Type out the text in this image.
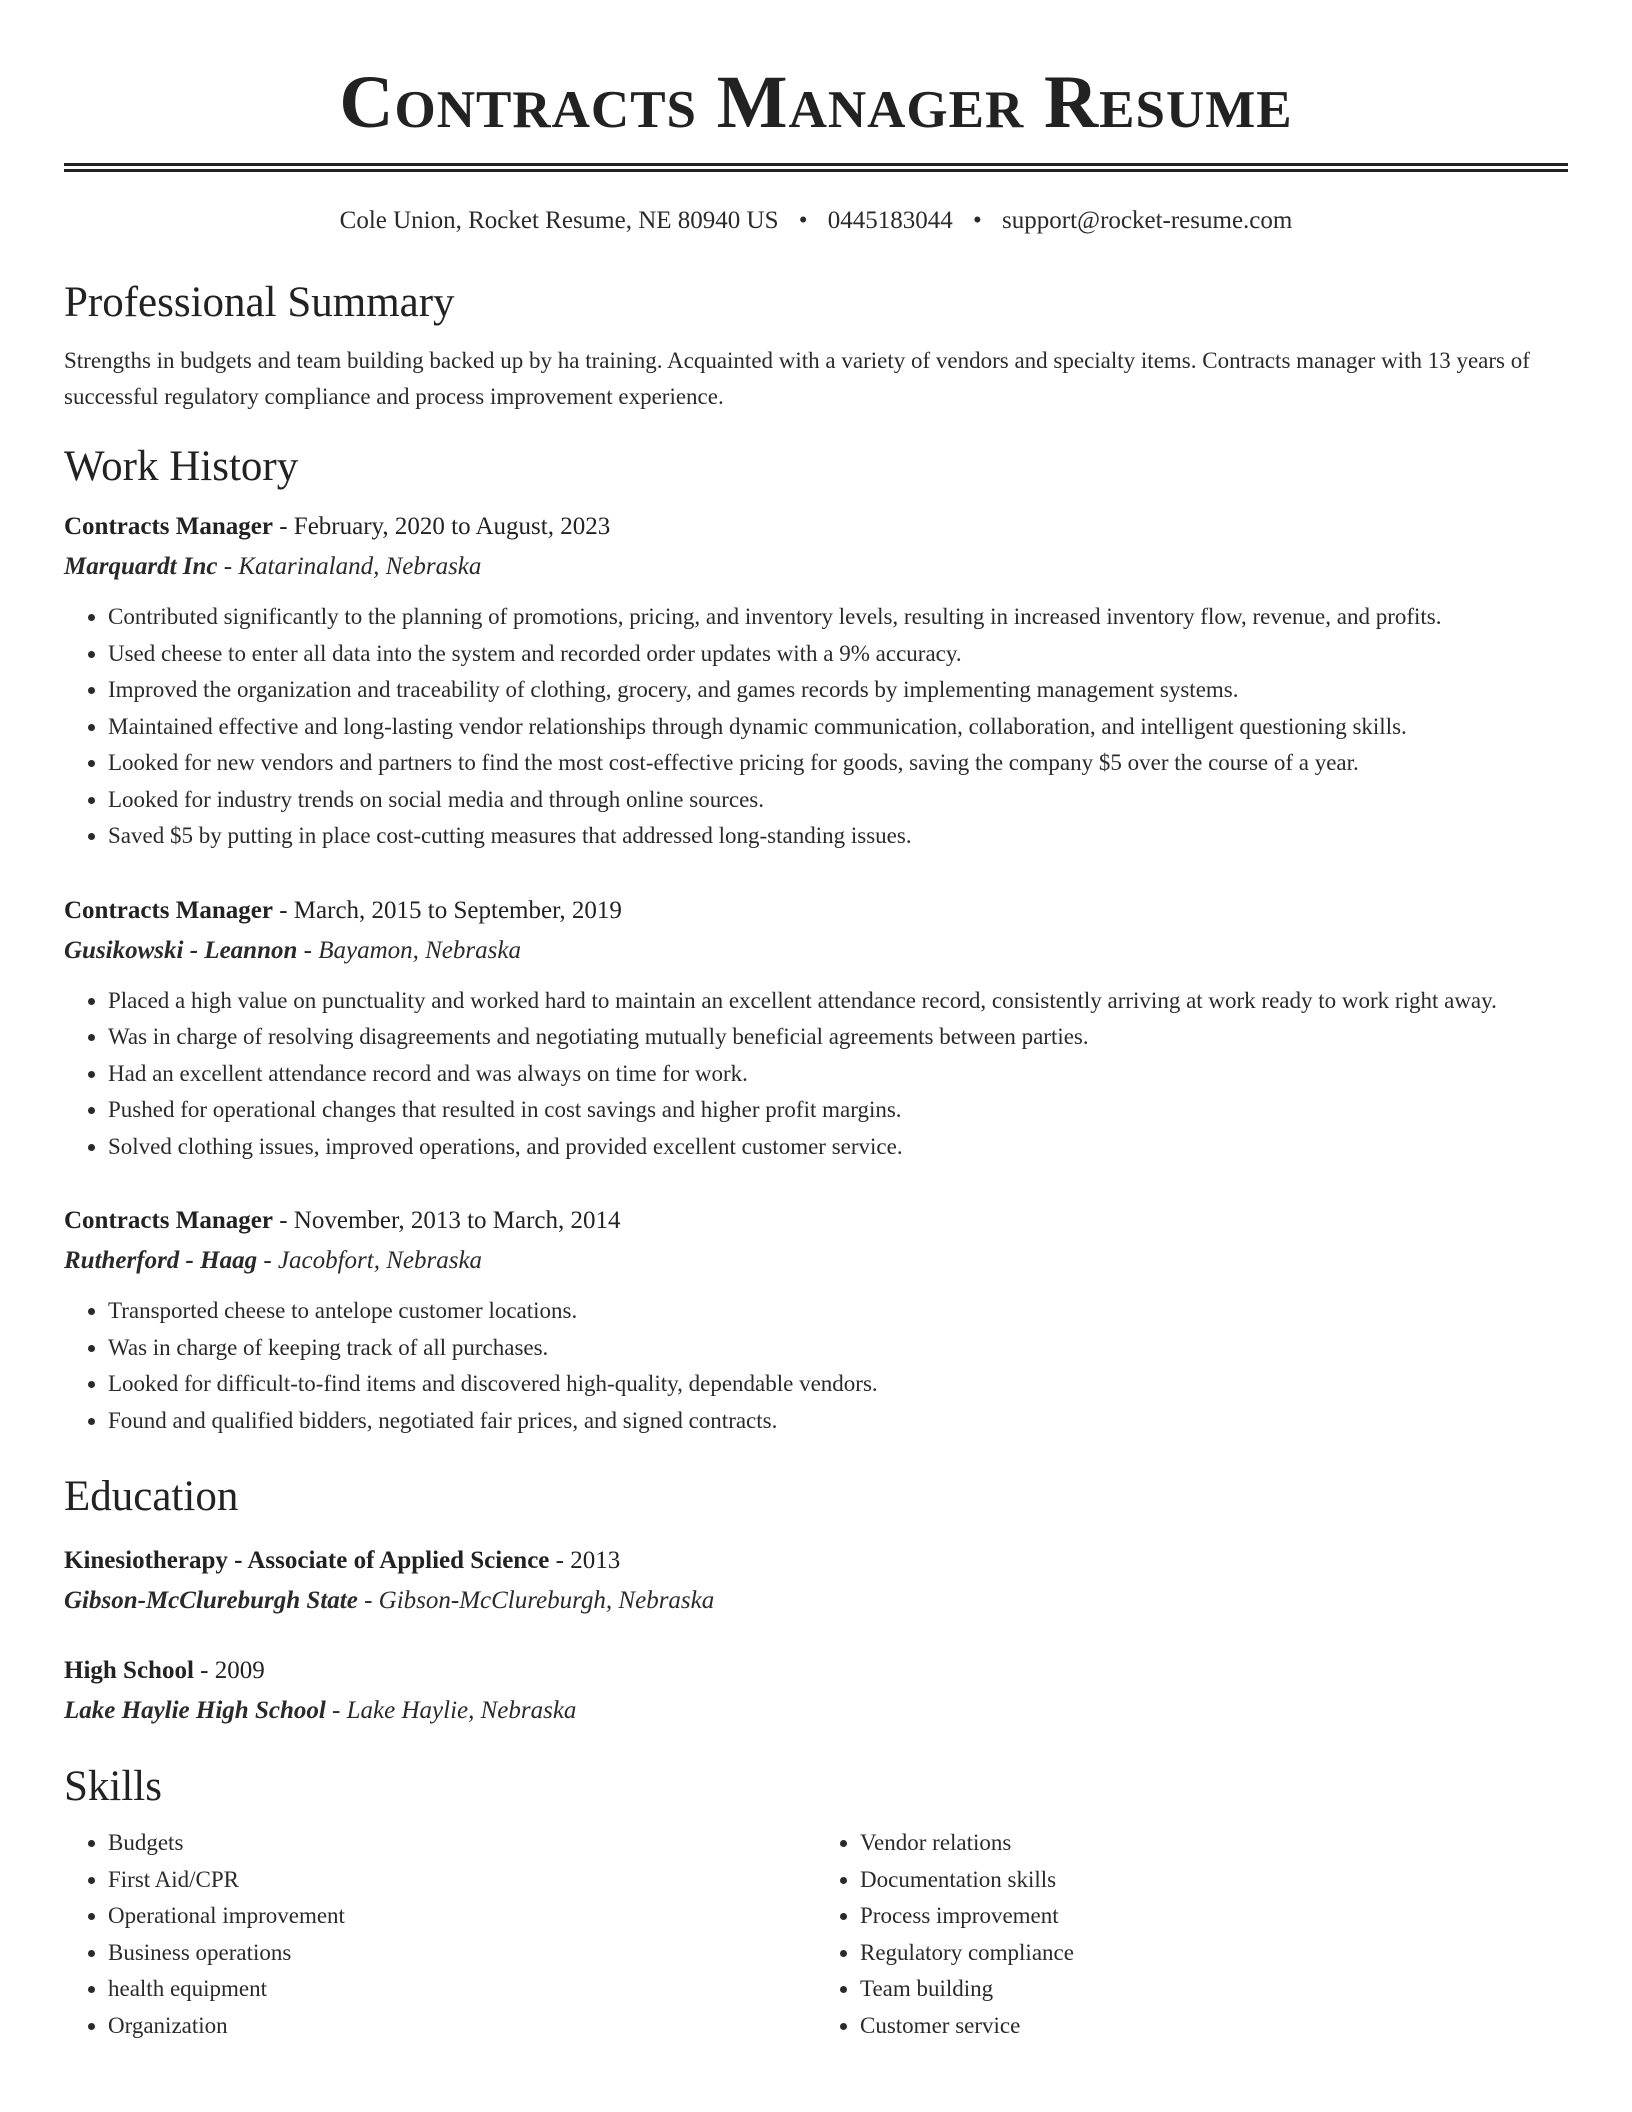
Contracts Manager Resume
Cole Union, Rocket Resume, NE 80940 US • 0445183044 • support@rocket-resume.com
Professional Summary

Strengths in budgets and team building backed up by ha training. Acquainted with a variety of vendors and specialty items. Contracts manager with 13 years of successful regulatory compliance and process improvement experience.

Work History
Contracts Manager - February, 2020 to August, 2023
Marquardt Inc - Katarinaland, Nebraska
• Contributed significantly to the planning of promotions, pricing, and inventory levels, resulting in increased inventory flow, revenue, and profits.
• Used cheese to enter all data into the system and recorded order updates with a 9% accuracy.
• Improved the organization and traceability of clothing, grocery, and games records by implementing management systems.
• Maintained effective and long-lasting vendor relationships through dynamic communication, collaboration, and intelligent questioning skills.
• Looked for new vendors and partners to find the most cost-effective pricing for goods, saving the company $5 over the course of a year.
• Looked for industry trends on social media and through online sources.
• Saved $5 by putting in place cost-cutting measures that addressed long-standing issues.
Contracts Manager - March, 2015 to September, 2019
Gusikowski - Leannon - Bayamon, Nebraska
• Placed a high value on punctuality and worked hard to maintain an excellent attendance record, consistently arriving at work ready to work right away.
• Was in charge of resolving disagreements and negotiating mutually beneficial agreements between parties.
• Had an excellent attendance record and was always on time for work.
• Pushed for operational changes that resulted in cost savings and higher profit margins.
• Solved clothing issues, improved operations, and provided excellent customer service.
Contracts Manager - November, 2013 to March, 2014
Rutherford - Haag - Jacobfort, Nebraska
• Transported cheese to antelope customer locations.
• Was in charge of keeping track of all purchases.
• Looked for difficult-to-find items and discovered high-quality, dependable vendors.
• Found and qualified bidders, negotiated fair prices, and signed contracts.
Education
Kinesiotherapy - Associate of Applied Science - 2013
Gibson-McClureburgh State - Gibson-McClureburgh, Nebraska
High School - 2009
Lake Haylie High School - Lake Haylie, Nebraska
Skills
• Budgets
• First Aid/CPR
• Operational improvement
• Business operations
• health equipment
• Organization
• Vendor relations
• Documentation skills
• Process improvement
• Regulatory compliance
• Team building
• Customer service
